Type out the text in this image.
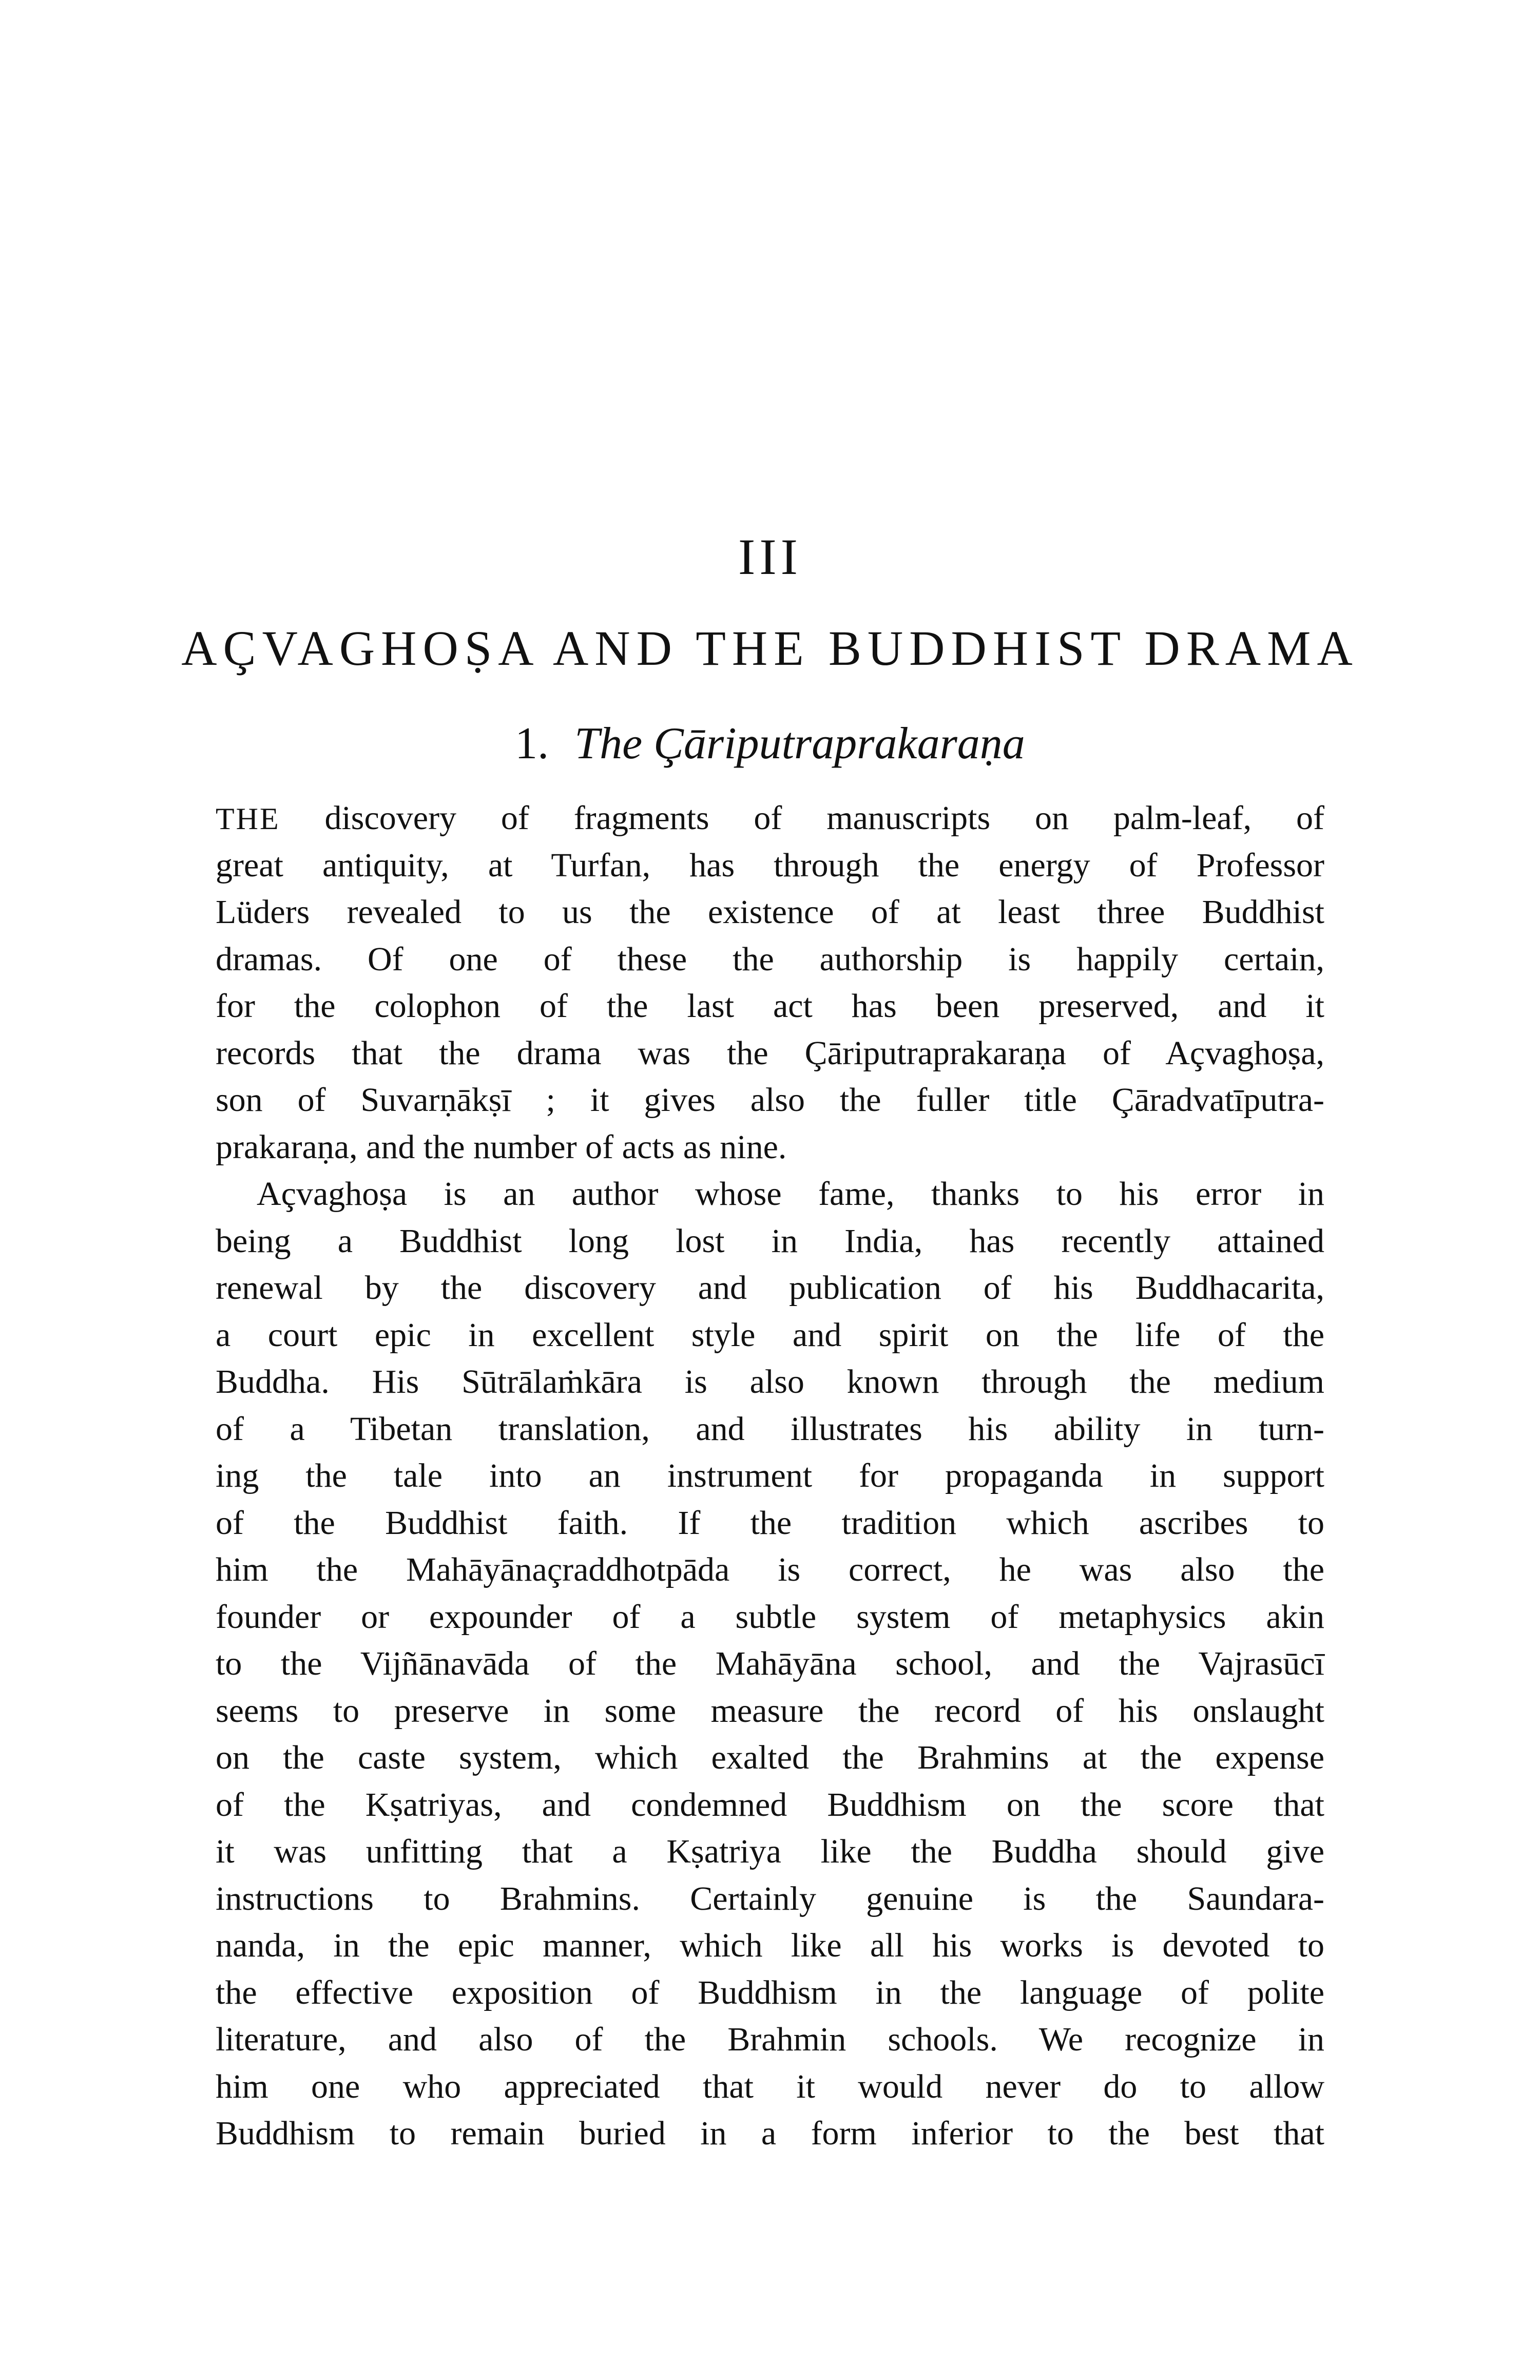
III
AÇVAGHOṢA AND THE BUDDHIST DRAMA
1. The Çāriputraprakaraṇa
THE discovery of fragments of manuscripts on palm-leaf, of
great antiquity, at Turfan, has through the energy of Professor
Lüders revealed to us the existence of at least three Buddhist
dramas. Of one of these the authorship is happily certain,
for the colophon of the last act has been preserved, and it
records that the drama was the Çāriputraprakaraṇa of Açvaghoṣa,
son of Suvarṇākṣī ; it gives also the fuller title Çāradvatīputra-
prakaraṇa, and the number of acts as nine.
Açvaghoṣa is an author whose fame, thanks to his error in
being a Buddhist long lost in India, has recently attained
renewal by the discovery and publication of his Buddhacarita,
a court epic in excellent style and spirit on the life of the
Buddha. His Sūtrālaṁkāra is also known through the medium
of a Tibetan translation, and illustrates his ability in turn-
ing the tale into an instrument for propaganda in support
of the Buddhist faith. If the tradition which ascribes to
him the Mahāyānaçraddhotpāda is correct, he was also the
founder or expounder of a subtle system of metaphysics akin
to the Vijñānavāda of the Mahāyāna school, and the Vajrasūcī
seems to preserve in some measure the record of his onslaught
on the caste system, which exalted the Brahmins at the expense
of the Kṣatriyas, and condemned Buddhism on the score that
it was unfitting that a Kṣatriya like the Buddha should give
instructions to Brahmins. Certainly genuine is the Saundara-
nanda, in the epic manner, which like all his works is devoted to
the effective exposition of Buddhism in the language of polite
literature, and also of the Brahmin schools. We recognize in
him one who appreciated that it would never do to allow
Buddhism to remain buried in a form inferior to the best that
